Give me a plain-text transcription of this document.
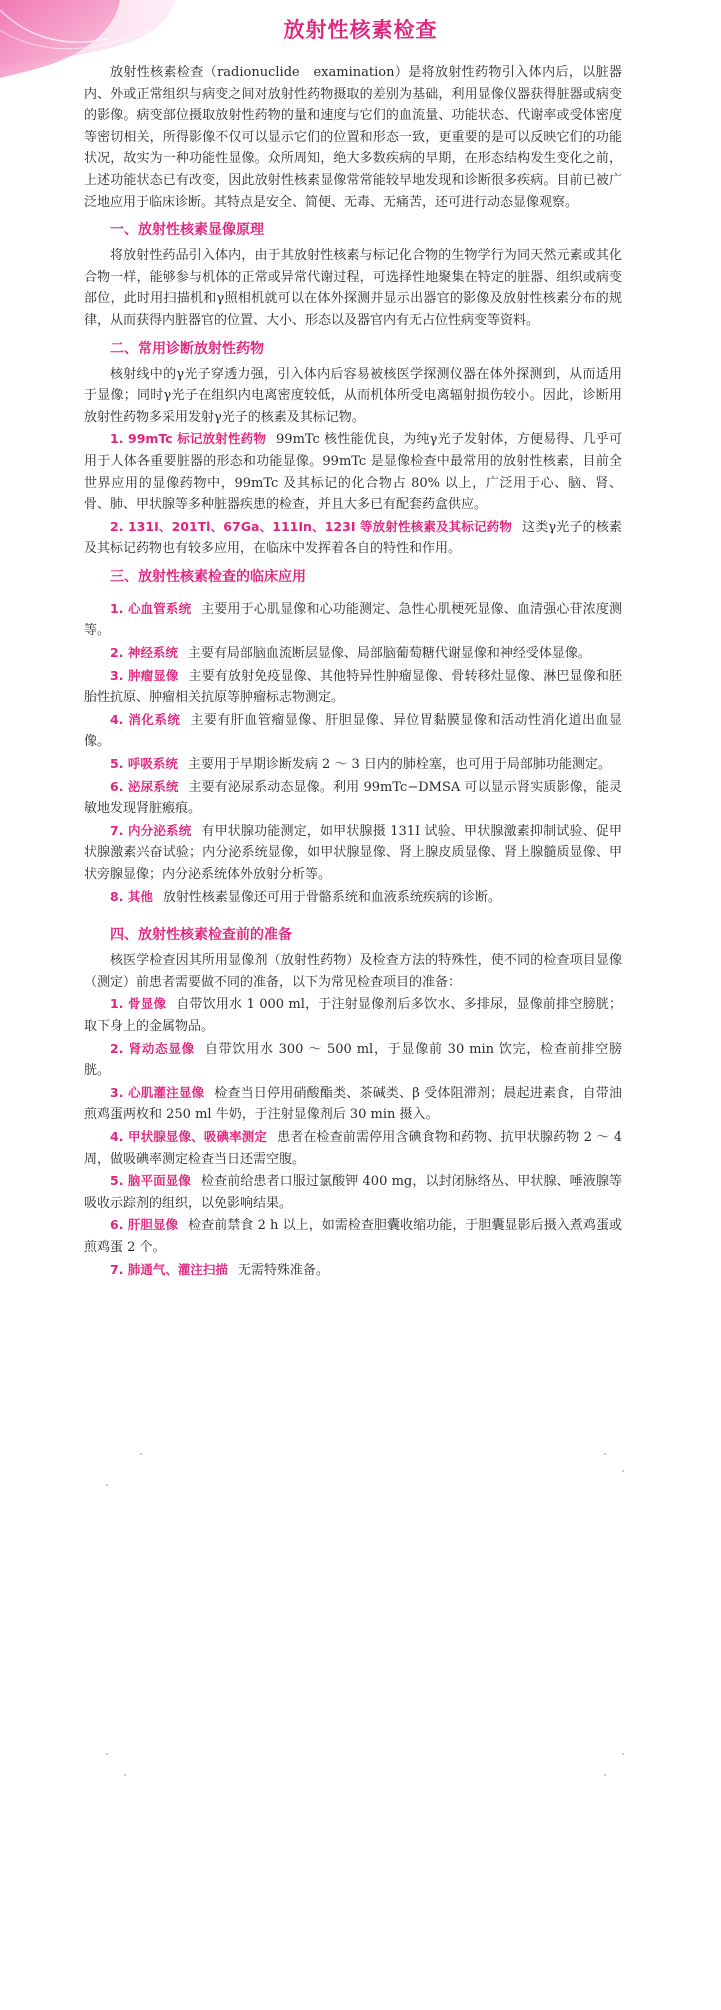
放射性核素检查

放射性核素检查（radionuclide　examination）是将放射性药物引入体内后，以脏器内、外或正常组织与病变之间对放射性药物摄取的差别为基础，利用显像仪器获得脏器或病变的影像。病变部位摄取放射性药物的量和速度与它们的血流量、功能状态、代谢率或受体密度等密切相关，所得影像不仅可以显示它们的位置和形态一致，更重要的是可以反映它们的功能状况，故实为一种功能性显像。众所周知，绝大多数疾病的早期，在形态结构发生变化之前，上述功能状态已有改变，因此放射性核素显像常常能较早地发现和诊断很多疾病。目前已被广泛地应用于临床诊断。其特点是安全、简便、无毒、无痛苦，还可进行动态显像观察。

一、放射性核素显像原理

将放射性药品引入体内，由于其放射性核素与标记化合物的生物学行为同天然元素或其化合物一样，能够参与机体的正常或异常代谢过程，可选择性地聚集在特定的脏器、组织或病变部位，此时用扫描机和γ照相机就可以在体外探测并显示出器官的影像及放射性核素分布的规律，从而获得内脏器官的位置、大小、形态以及器官内有无占位性病变等资料。

二、常用诊断放射性药物

核射线中的γ光子穿透力强，引入体内后容易被核医学探测仪器在体外探测到，从而适用于显像；同时γ光子在组织内电离密度较低，从而机体所受电离辐射损伤较小。因此，诊断用放射性药物多采用发射γ光子的核素及其标记物。

1. 99mTc 标记放射性药物 99mTc 核性能优良，为纯γ光子发射体，方便易得、几乎可用于人体各重要脏器的形态和功能显像。99mTc 是显像检查中最常用的放射性核素，目前全世界应用的显像药物中，99mTc 及其标记的化合物占 80% 以上，广泛用于心、脑、肾、骨、肺、甲状腺等多种脏器疾患的检查，并且大多已有配套药盒供应。

2. 131I、201Tl、67Ga、111In、123I 等放射性核素及其标记药物 这类γ光子的核素及其标记药物也有较多应用，在临床中发挥着各自的特性和作用。

三、放射性核素检查的临床应用

1. 心血管系统 主要用于心肌显像和心功能测定、急性心肌梗死显像、血清强心苷浓度测等。

2. 神经系统 主要有局部脑血流断层显像、局部脑葡萄糖代谢显像和神经受体显像。

3. 肿瘤显像 主要有放射免疫显像、其他特异性肿瘤显像、骨转移灶显像、淋巴显像和胚胎性抗原、肿瘤相关抗原等肿瘤标志物测定。

4. 消化系统 主要有肝血管瘤显像、肝胆显像、异位胃黏膜显像和活动性消化道出血显像。

5. 呼吸系统 主要用于早期诊断发病 2 ～ 3 日内的肺栓塞，也可用于局部肺功能测定。

6. 泌尿系统 主要有泌尿系动态显像。利用 99mTc−DMSA 可以显示肾实质影像，能灵敏地发现肾脏瘢痕。

7. 内分泌系统 有甲状腺功能测定，如甲状腺摄 131I 试验、甲状腺激素抑制试验、促甲状腺激素兴奋试验；内分泌系统显像，如甲状腺显像、肾上腺皮质显像、肾上腺髓质显像、甲状旁腺显像；内分泌系统体外放射分析等。

8. 其他 放射性核素显像还可用于骨骼系统和血液系统疾病的诊断。

四、放射性核素检查前的准备

核医学检查因其所用显像剂（放射性药物）及检查方法的特殊性，使不同的检查项目显像（测定）前患者需要做不同的准备，以下为常见检查项目的准备：

1. 骨显像 自带饮用水 1 000 ml，于注射显像剂后多饮水、多排尿，显像前排空膀胱；取下身上的金属物品。

2. 肾动态显像 自带饮用水 300 ～ 500 ml，于显像前 30 min 饮完，检查前排空膀胱。

3. 心肌灌注显像 检查当日停用硝酸酯类、茶碱类、β 受体阻滞剂；晨起进素食，自带油煎鸡蛋两枚和 250 ml 牛奶，于注射显像剂后 30 min 摄入。

4. 甲状腺显像、吸碘率测定 患者在检查前需停用含碘食物和药物、抗甲状腺药物 2 ～ 4 周，做吸碘率测定检查当日还需空腹。

5. 脑平面显像 检查前给患者口服过氯酸钾 400 mg，以封闭脉络丛、甲状腺、唾液腺等吸收示踪剂的组织，以免影响结果。

6. 肝胆显像 检查前禁食 2 h 以上，如需检查胆囊收缩功能，于胆囊显影后摄入煮鸡蛋或煎鸡蛋 2 个。

7. 肺通气、灌注扫描 无需特殊准备。
